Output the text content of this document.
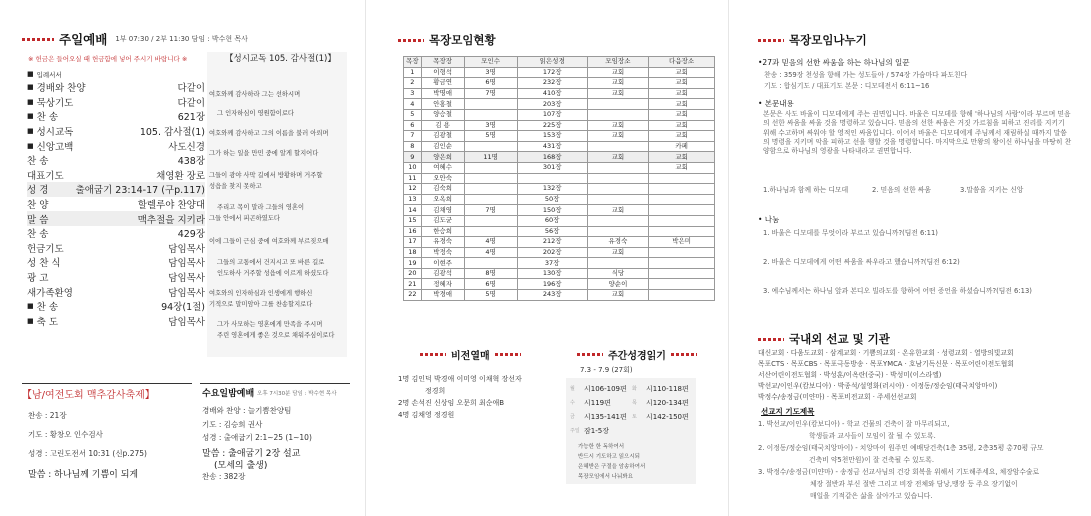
주일예배 1부 07:30 / 2부 11:30 담임 : 박수현 목사
※ 헌금은 들어오실 때 헌금함에 넣어 주시기 바랍니다 ※
■ 입례서서
■ 경배와 찬양	다같이
■ 묵상기도	다같이
■ 찬 송	621장
■ 성시교독	105. 감사절(1)
■ 신앙고백	사도신경
찬 송	438장
대표기도	채영환 장로
성 경	출애굽기 23:14-17 (구p.117)
찬 양	할렐루야 찬양대
말 씀	맥추절을 지키라
찬 송	429장
헌금기도	담임목사
성 찬 식	담임목사
광 고	담임목사
새가족환영	담임목사
■ 찬 송	94장(1절)
■ 축 도	담임목사
【성시교독 105. 감사절(1)】
여호와께 감사하라 그는 선하시며
그 인자하심이 영원함이로다
여호와께 감사하고 그의 이름을 불러 아뢰며
그가 하는 일을 만민 중에 알게 할지어다
그들이 광야 사막 길에서 방황하며 거주할
성읍을 찾지 못하고
주리고 목이 말라 그들의 영혼이
그들 안에서 피곤하였도다
이에 그들이 근심 중에 여호와께 부르짖으매
그들의 고통에서 건지시고 또 바른 길로
인도하사 거주할 성읍에 이르게 하셨도다
여호와의 인자하심과 인생에게 행하신
기적으로 말미암아 그를 찬송할지로다
그가 사모하는 영혼에게 만족을 주시며
주린 영혼에게 좋은 것으로 채워주심이로다
【남/여전도회 맥추감사축제】
찬송 : 21장
기도 : 황창오 인수검사
성경 : 고린도전서 10:31 (신p.275)
말씀 : 하나님께 기쁨이 되게
수요일밤예배 오후 7시30분 담임 : 박수현 목사
경배와 찬양 : 늘기쁨찬양팀
기도 : 김승희 권사
성경 : 출애굽기 2:1~25 (1~10)
말씀 : 출애굽기 2장 설교
(모세의 출생)
찬송 : 382장
목장모임현황
목장	목장장	모인수	읽은성경	모임장소	다음장소
1	이형석	3명	172장	교회	교회
2	황금연	6명	232장	교회	교회
3	박명애	7명	410장	교회	교회
4	안홍철		203장		교회
5	양승철		107장		교회
6	김 용	3명	225장	교회	교회
7	김광철	5명	153장	교회	교회
8	김인순		431장		카페
9	양은희	11명	168장	교회	교회
10	여혜수		301장		교회
11	오안숙				
12	김숙희		132장		
13	오옥희		50장		
14	김채영	7명	150장	교회	
15	김도균		60장		
16	한승희		56장		
17	유경숙	4명	212장	유경숙	박은미
18	박정숙	4명	202장	교회	
19	이현주		37장		
20	김광석	8명	130장	식당	
21	정혜자	6명	196장	양순이	
22	박경애	5명	243장	교회	
비전열매
1명 김인덕 박경애 이미영 이채혁 장선자
정경희
2명 손석진 신상임 오문희 최순애B
4명 김채영 정경원
주간성경읽기
7.3 - 7.9 (27회)
월 시106-109편 화 시110-118편
수 시119편	목 시120-134편
금 시135-141편 토 시142-150편
주일 잠1-5장
가능한 한 독하여서
반드시 기도하고 읽으시되
은혜받은 구절을 암송하여서
목장모임에서 나눠봐요
목장모임나누기
•27과 믿음의 선한 싸움을 하는 하나님의 일꾼
찬송 : 359장 천성을 향해 가는 성도들아 / 574장 가슴마다 파도친다
기도 : 합심기도 / 대표기도 본문 : 디모데전서 6:11~16
• 본문내용
본문은 사도 바울이 디모데에게 주는 권면입니다. 바울은 디모데를 향해 '하나님의 사람'이라 부르며 믿음의 선한 싸움을 싸울 것을 명령하고 있습니다. 믿음의 선한 싸움은 거짓 가르침을 피하고 진리를 지키기 위해 수고하며 싸워야 할 영적인 싸움입니다. 이어서 바울은 디모데에게 주님께서 재림하실 때까지 말씀의 명령을 지키며 악을 피하고 선을 행할 것을 명령합니다. 마지막으로 만왕의 왕이신 하나님을 마땅히 찬양함으로 하나님의 영광을 나타내라고 권면합니다.
1.하나님과 함께 하는 디모데	2. 믿음의 선한 싸움	3.말씀을 지키는 신앙
• 나눔
1. 바울은 디모데를 무엇이라 부르고 있습니까?(딤전 6:11)
2. 바울은 디모데에게 어떤 싸움을 싸우라고 했습니까?(딤전 6:12)
3. 예수님께서는 하나님 앞과 본디오 빌라도를 향하여 어떤 증언을 하셨습니까?(딤전 6:13)
국내외 선교 및 기관
대신교회 · 다움도교회 · 삼계교회 · 기쁨의교회 · 온유한교회 · 성령교회 · 열방의빛교회
목포CTS · 목포CBS · 목포극동방송 · 목포YMCA · 호남기독신문 · 목포어린이전도협회
서산어린이전도협회 · 박성훈/이옥란(중국) · 박성미(이스라엘)
박선교/이인우(캄보디아) · 박종석/설영화(러시아) · 이정동/정순임(태국치앙마이)
박정수/송정금(미얀마) · 목포비전교회 · 주세선선교회
선교지 기도제목
1. 박선교/이인우(캄보디아) - 학교 건물의 건축이 잘 마무리되고,
학생들과 교사들이 모임이 잘 될 수 있도록.
2. 이정동/정순임(태국치앙마이) - 치앙마이 원주민 예배당건축(1층 35평, 2층35평 총70평 규모
건축비 약5천만원)이 잘 건축될 수 있도록.
3. 박정수/송정금(미얀마) - 송정금 선교사님의 건강 회복을 위해서 기도해주세요, 체장암수술로
체장 절반과 부신 절반 그리고 비장 전체와 담낭,맹장 등 주요 장기없이
매일을 기적같은 삶을 살아가고 있습니다.
